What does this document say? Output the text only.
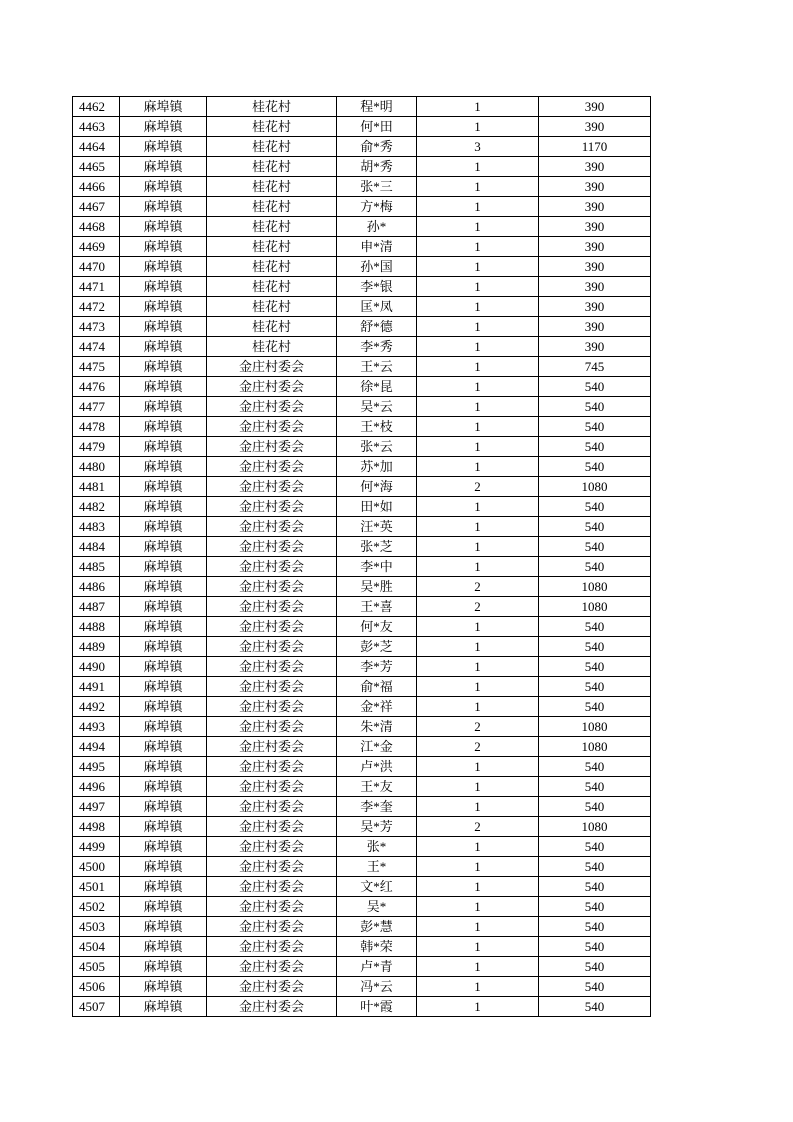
4462	麻埠镇	桂花村	程*明	1	390
4463	麻埠镇	桂花村	何*田	1	390
4464	麻埠镇	桂花村	俞*秀	3	1170
4465	麻埠镇	桂花村	胡*秀	1	390
4466	麻埠镇	桂花村	张*三	1	390
4467	麻埠镇	桂花村	方*梅	1	390
4468	麻埠镇	桂花村	孙*	1	390
4469	麻埠镇	桂花村	申*清	1	390
4470	麻埠镇	桂花村	孙*国	1	390
4471	麻埠镇	桂花村	李*银	1	390
4472	麻埠镇	桂花村	匡*凤	1	390
4473	麻埠镇	桂花村	舒*德	1	390
4474	麻埠镇	桂花村	李*秀	1	390
4475	麻埠镇	金庄村委会	王*云	1	745
4476	麻埠镇	金庄村委会	徐*昆	1	540
4477	麻埠镇	金庄村委会	吴*云	1	540
4478	麻埠镇	金庄村委会	王*枝	1	540
4479	麻埠镇	金庄村委会	张*云	1	540
4480	麻埠镇	金庄村委会	苏*加	1	540
4481	麻埠镇	金庄村委会	何*海	2	1080
4482	麻埠镇	金庄村委会	田*如	1	540
4483	麻埠镇	金庄村委会	汪*英	1	540
4484	麻埠镇	金庄村委会	张*芝	1	540
4485	麻埠镇	金庄村委会	李*中	1	540
4486	麻埠镇	金庄村委会	吴*胜	2	1080
4487	麻埠镇	金庄村委会	王*喜	2	1080
4488	麻埠镇	金庄村委会	何*友	1	540
4489	麻埠镇	金庄村委会	彭*芝	1	540
4490	麻埠镇	金庄村委会	李*芳	1	540
4491	麻埠镇	金庄村委会	俞*福	1	540
4492	麻埠镇	金庄村委会	金*祥	1	540
4493	麻埠镇	金庄村委会	朱*清	2	1080
4494	麻埠镇	金庄村委会	江*金	2	1080
4495	麻埠镇	金庄村委会	卢*洪	1	540
4496	麻埠镇	金庄村委会	王*友	1	540
4497	麻埠镇	金庄村委会	李*奎	1	540
4498	麻埠镇	金庄村委会	吴*芳	2	1080
4499	麻埠镇	金庄村委会	张*	1	540
4500	麻埠镇	金庄村委会	王*	1	540
4501	麻埠镇	金庄村委会	文*红	1	540
4502	麻埠镇	金庄村委会	吴*	1	540
4503	麻埠镇	金庄村委会	彭*慧	1	540
4504	麻埠镇	金庄村委会	韩*荣	1	540
4505	麻埠镇	金庄村委会	卢*青	1	540
4506	麻埠镇	金庄村委会	冯*云	1	540
4507	麻埠镇	金庄村委会	叶*霞	1	540
